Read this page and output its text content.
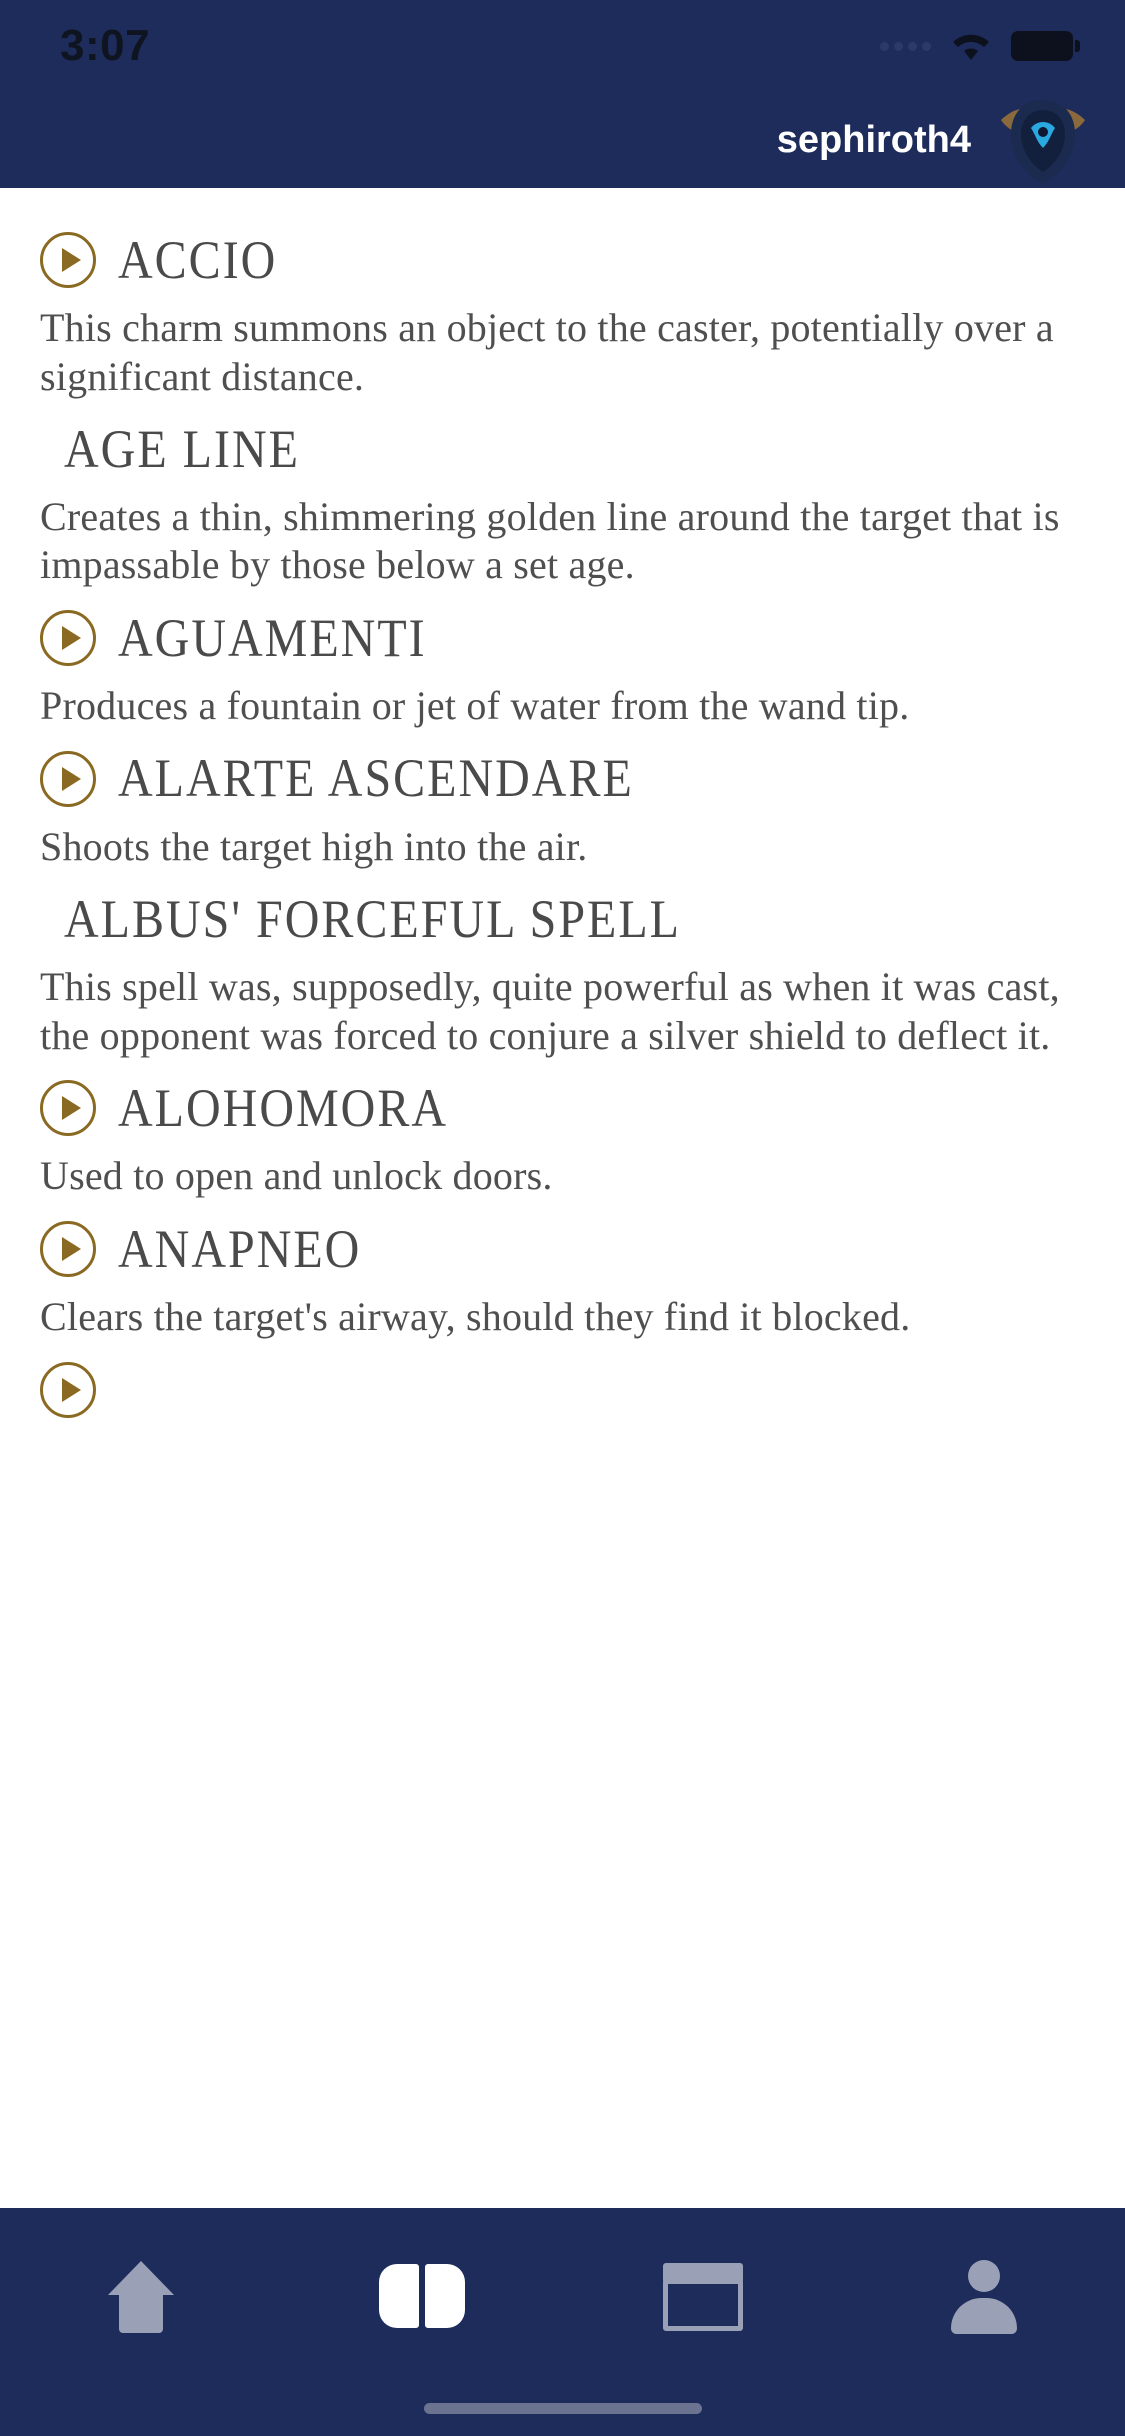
3:07
sephiroth4
ACCIO
This charm summons an object to the caster, potentially over a significant distance.
AGE LINE
Creates a thin, shimmering golden line around the target that is impassable by those below a set age.
AGUAMENTI
Produces a fountain or jet of water from the wand tip.
ALARTE ASCENDARE
Shoots the target high into the air.
ALBUS' FORCEFUL SPELL
This spell was, supposedly, quite powerful as when it was cast, the opponent was forced to conjure a silver shield to deflect it.
ALOHOMORA
Used to open and unlock doors.
ANAPNEO
Clears the target's airway, should they find it blocked.
